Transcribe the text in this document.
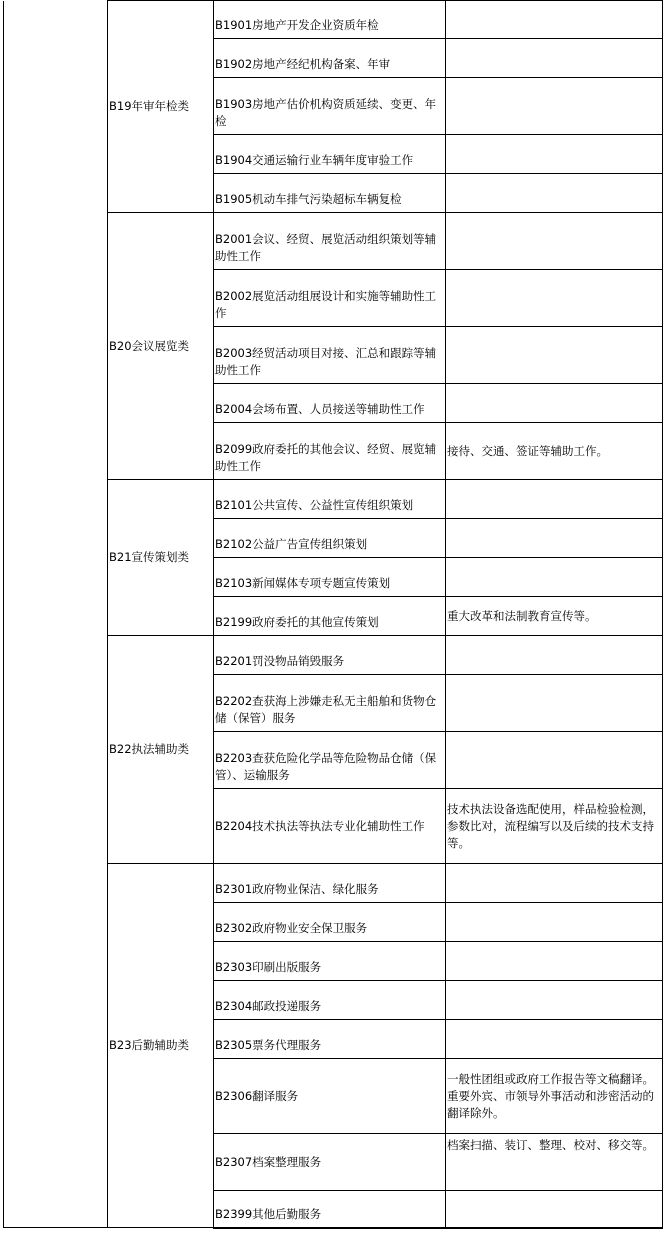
	B19年审年检类	B1901房地产开发企业资质年检	
		B1902房地产经纪机构备案、年审	
		B1903房地产估价机构资质延续、变更、年检	
		B1904交通运输行业车辆年度审验工作	
		B1905机动车排气污染超标车辆复检	
	B20会议展览类	B2001会议、经贸、展览活动组织策划等辅助性工作	
		B2002展览活动组展设计和实施等辅助性工作	
		B2003经贸活动项目对接、汇总和跟踪等辅助性工作	
		B2004会场布置、人员接送等辅助性工作	
		B2099政府委托的其他会议、经贸、展览辅助性工作	接待、交通、签证等辅助工作。
	B21宣传策划类	B2101公共宣传、公益性宣传组织策划	
		B2102公益广告宣传组织策划	
		B2103新闻媒体专项专题宣传策划	
		B2199政府委托的其他宣传策划	重大改革和法制教育宣传等。
	B22执法辅助类	B2201罚没物品销毁服务	
		B2202查获海上涉嫌走私无主船舶和货物仓储（保管）服务	
		B2203查获危险化学品等危险物品仓储（保管）、运输服务	
		B2204技术执法等执法专业化辅助性工作	技术执法设备选配使用，样品检验检测，参数比对，流程编写以及后续的技术支持等。
	B23后勤辅助类	B2301政府物业保洁、绿化服务	
		B2302政府物业安全保卫服务	
		B2303印刷出版服务	
		B2304邮政投递服务	
		B2305票务代理服务	
		B2306翻译服务	一般性团组或政府工作报告等文稿翻译。重要外宾、市领导外事活动和涉密活动的翻译除外。
		B2307档案整理服务	档案扫描、装订、整理、校对、移交等。
		B2399其他后勤服务	
